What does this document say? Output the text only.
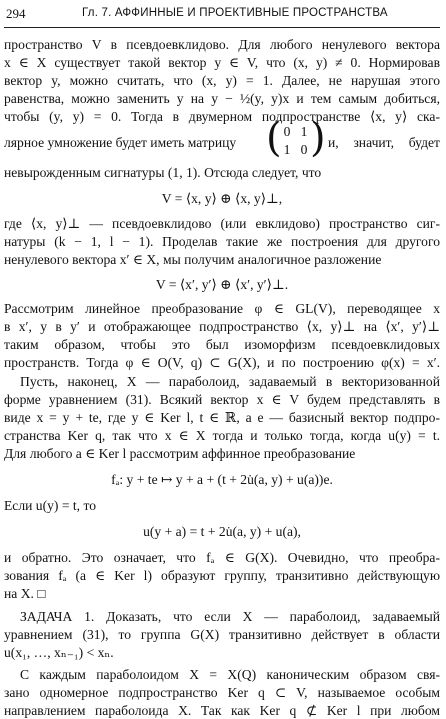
294	Гл. 7. АФФИННЫЕ И ПРОЕКТИВНЫЕ ПРОСТРАНСТВА
пространство V в псевдоевклидово. Для любого ненулевого вектора
x ∈ X существует такой вектор y ∈ V, что (x, y) ≠ 0. Нормировав
вектор y, можно считать, что (x, y) = 1. Далее, не нарушая этого
равенства, можно заменить y на y − ½(y, y)x и тем самым добиться,
чтобы (y, y) = 0. Тогда в двумерном подпространстве ⟨x, y⟩ ска-
лярное умножение будет иметь матрицу ( 0 1
1 0 ) и, значит, будет
невырожденным сигнатуры (1, 1). Отсюда следует, что
V = ⟨x, y⟩ ⊕ ⟨x, y⟩⊥,
где ⟨x, y⟩⊥ — псевдоевклидово (или евклидово) пространство сиг-
натуры (k − 1, l − 1). Проделав такие же построения для другого
ненулевого вектора x′ ∈ X, мы получим аналогичное разложение
V = ⟨x′, y′⟩ ⊕ ⟨x′, y′⟩⊥.
Рассмотрим линейное преобразование φ ∈ GL(V), переводящее x
в x′, y в y′ и отображающее подпространство ⟨x, y⟩⊥ на ⟨x′, y′⟩⊥
таким образом, чтобы это был изоморфизм псевдоевклидовых
пространств. Тогда φ ∈ O(V, q) ⊂ G(X), и по построению φ(x) = x′.
Пусть, наконец, X — параболоид, задаваемый в векторизованной
форме уравнением (31). Всякий вектор x ∈ V будем представлять в
виде x = y + te, где y ∈ Ker l, t ∈ ℝ, а e — базисный вектор подпро-
странства Ker q, так что x ∈ X тогда и только тогда, когда u(y) = t.
Для любого a ∈ Ker l рассмотрим аффинное преобразование
fₐ: y + te ↦ y + a + (t + 2u̇(a, y) + u(a))e.
Если u(y) = t, то
u(y + a) = t + 2u̇(a, y) + u(a),
и обратно. Это означает, что fₐ ∈ G(X). Очевидно, что преобра-
зования fₐ (a ∈ Ker l) образуют группу, транзитивно действующую
на X. □
ЗАДАЧА 1. Доказать, что если X — параболоид, задаваемый
уравнением (31), то группа G(X) транзитивно действует в области
u(x₁, …, xₙ₋₁) < xₙ.
С каждым параболоидом X = X(Q) каноническим образом свя-
зано одномерное подпространство Ker q ⊂ V, называемое особым
направлением параболоида X. Так как Ker q ⊄ Ker l при любом
